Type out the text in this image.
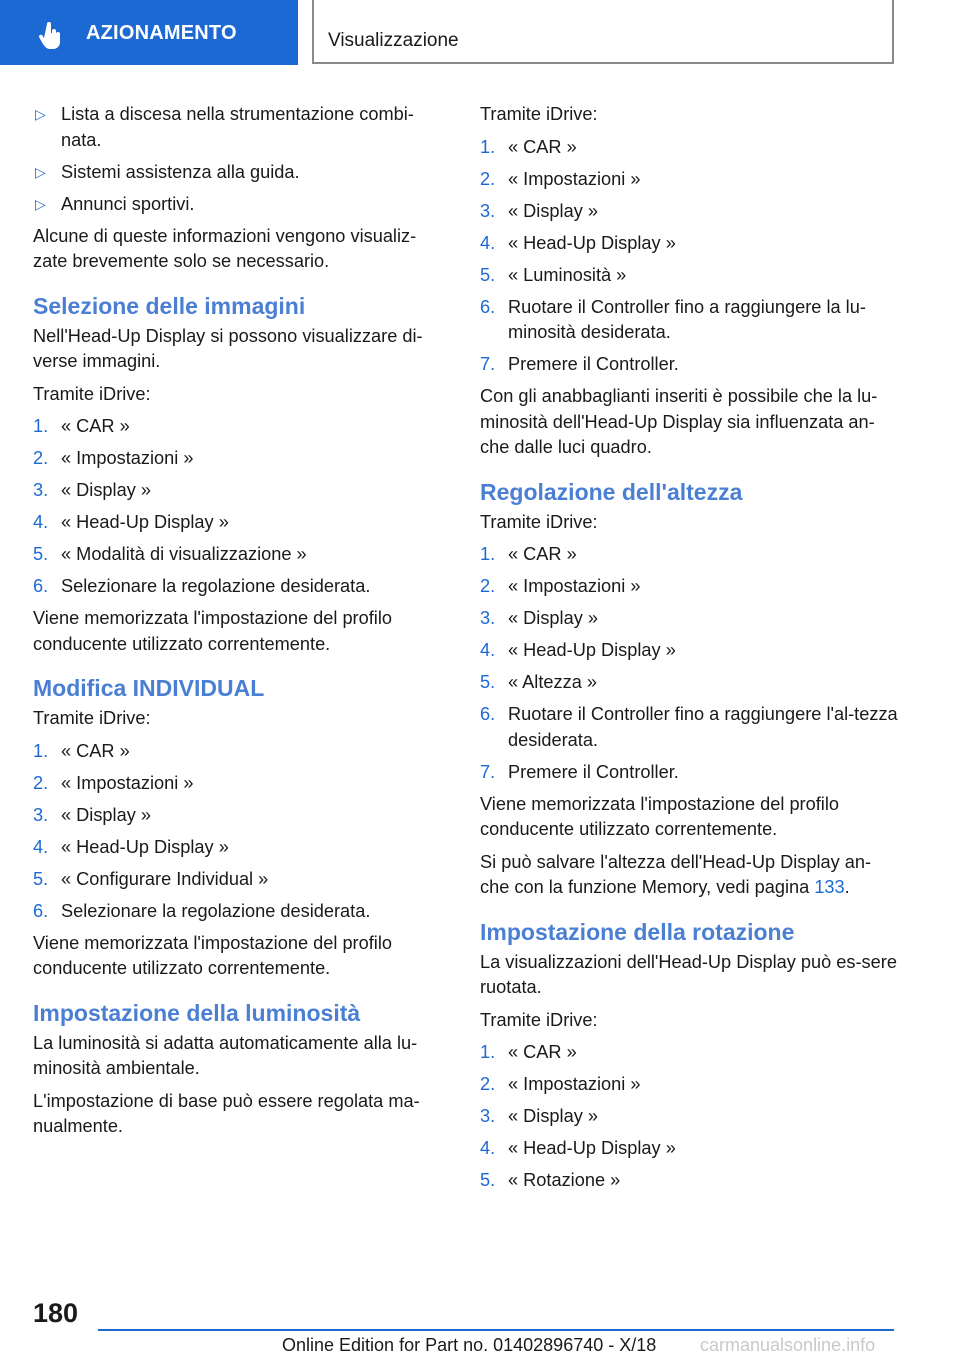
AZIONAMENTO	Visualizzazione
▷ Lista a discesa nella strumentazione combi-nata.
▷ Sistemi assistenza alla guida.
▷ Annunci sportivi.

Alcune di queste informazioni vengono visualiz-zate brevemente solo se necessario.

Selezione delle immagini

Nell'Head-Up Display si possono visualizzare di-verse immagini.

Tramite iDrive:

1. « CAR »
2. « Impostazioni »
3. « Display »
4. « Head-Up Display »
5. « Modalità di visualizzazione »
6. Selezionare la regolazione desiderata.

Viene memorizzata l'impostazione del profilo conducente utilizzato correntemente.

Modifica INDIVIDUAL

Tramite iDrive:

1. « CAR »
2. « Impostazioni »
3. « Display »
4. « Head-Up Display »
5. « Configurare Individual »
6. Selezionare la regolazione desiderata.

Viene memorizzata l'impostazione del profilo conducente utilizzato correntemente.

Impostazione della luminosità

La luminosità si adatta automaticamente alla lu-minosità ambientale.

L'impostazione di base può essere regolata ma-nualmente.

Tramite iDrive:

1. « CAR »
2. « Impostazioni »
3. « Display »
4. « Head-Up Display »
5. « Luminosità »
6. Ruotare il Controller fino a raggiungere la lu-minosità desiderata.
7. Premere il Controller.

Con gli anabbaglianti inseriti è possibile che la lu-minosità dell'Head-Up Display sia influenzata an-che dalle luci quadro.

Regolazione dell'altezza

Tramite iDrive:

1. « CAR »
2. « Impostazioni »
3. « Display »
4. « Head-Up Display »
5. « Altezza »
6. Ruotare il Controller fino a raggiungere l'al-tezza desiderata.
7. Premere il Controller.

Viene memorizzata l'impostazione del profilo conducente utilizzato correntemente.

Si può salvare l'altezza dell'Head-Up Display an-che con la funzione Memory, vedi pagina 133.

Impostazione della rotazione

La visualizzazioni dell'Head-Up Display può es-sere ruotata.

Tramite iDrive:

1. « CAR »
2. « Impostazioni »
3. « Display »
4. « Head-Up Display »
5. « Rotazione »
180
Online Edition for Part no. 01402896740 - X/18 carmanualsonline.info
